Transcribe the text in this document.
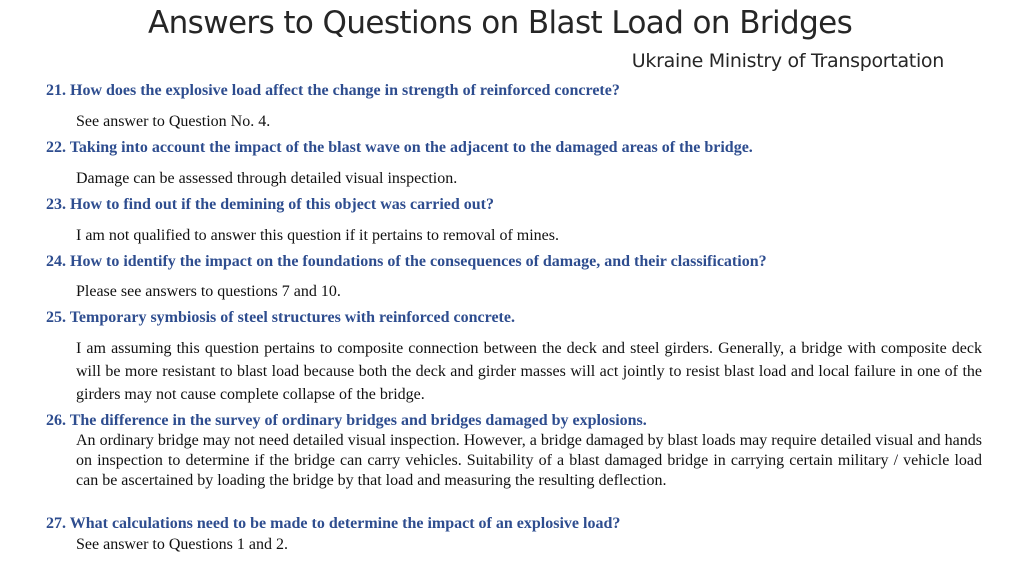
Answers to Questions on Blast Load on Bridges
Ukraine Ministry of Transportation
21. How does the explosive load affect the change in strength of reinforced concrete?
See answer to Question No. 4.
22. Taking into account the impact of the blast wave on the adjacent to the damaged areas of the bridge.
Damage can be assessed through detailed visual inspection.
23. How to find out if the demining of this object was carried out?
I am not qualified to answer this question if it pertains to removal of mines.
24. How to identify the impact on the foundations of the consequences of damage, and their classification?
Please see answers to questions 7 and 10.
25. Temporary symbiosis of steel structures with reinforced concrete.
I am assuming this question pertains to composite connection between the deck and steel girders. Generally, a bridge with composite deck will be more resistant to blast load because both the deck and girder masses will act jointly to resist blast load and local failure in one of the girders may not cause complete collapse of the bridge.
26. The difference in the survey of ordinary bridges and bridges damaged by explosions.
An ordinary bridge may not need detailed visual inspection. However, a bridge damaged by blast loads may require detailed visual and hands on inspection to determine if the bridge can carry vehicles. Suitability of a blast damaged bridge in carrying certain military / vehicle load can be ascertained by loading the bridge by that load and measuring the resulting deflection.
27. What calculations need to be made to determine the impact of an explosive load?
See answer to Questions 1 and 2.
